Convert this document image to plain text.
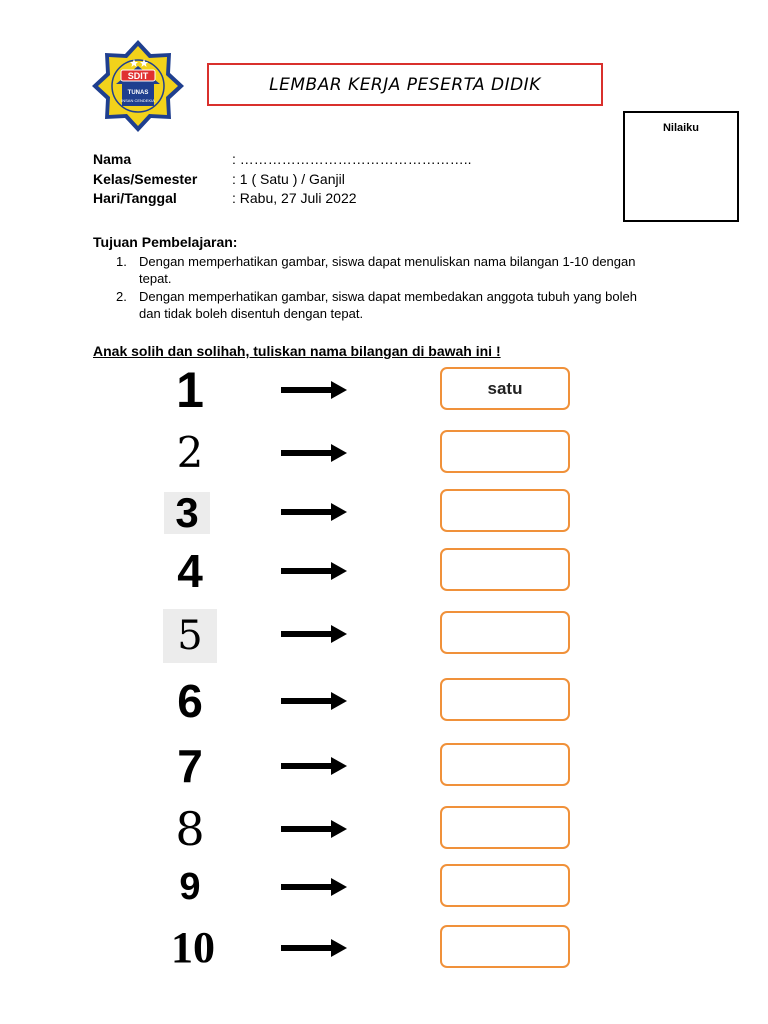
SDIT
TUNAS
INSAN CENDEKIA
LEMBAR KERJA PESERTA DIDIK
Nilaiku
Nama	: …………………………………………..
Kelas/Semester	: 1 ( Satu ) / Ganjil
Hari/Tanggal	: Rabu, 27 Juli 2022
Tujuan Pembelajaran:
1. Dengan memperhatikan gambar, siswa dapat menuliskan nama bilangan 1-10 dengan tepat.
2. Dengan memperhatikan gambar, siswa dapat membedakan anggota tubuh yang boleh dan tidak boleh disentuh dengan tepat.
Anak solih dan solihah, tuliskan nama bilangan di bawah ini !
1	satu
2
3
4
5
6
7
8
9
10
